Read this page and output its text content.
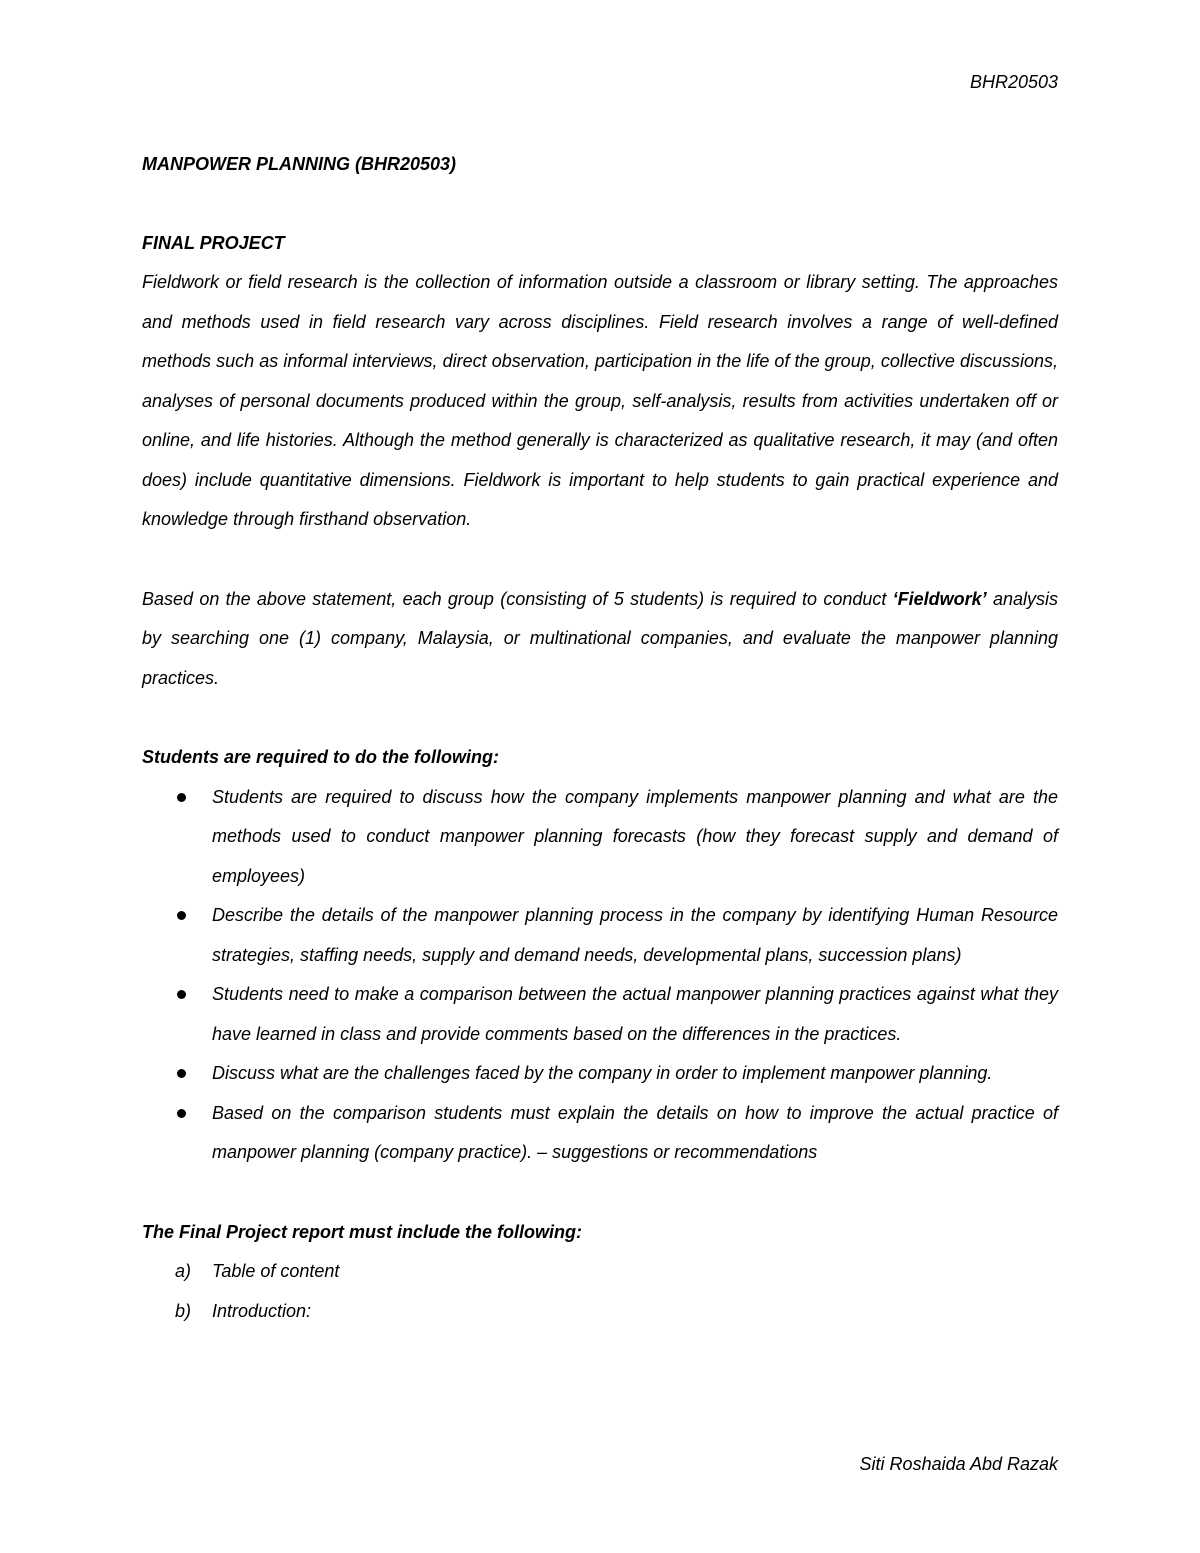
BHR20503
MANPOWER PLANNING (BHR20503)
FINAL PROJECT

Fieldwork or field research is the collection of information outside a classroom or library setting. The approaches and methods used in field research vary across disciplines. Field research involves a range of well-defined methods such as informal interviews, direct observation, participation in the life of the group, collective discussions, analyses of personal documents produced within the group, self-analysis, results from activities undertaken off or online, and life histories. Although the method generally is characterized as qualitative research, it may (and often does) include quantitative dimensions. Fieldwork is important to help students to gain practical experience and knowledge through firsthand observation.

Based on the above statement, each group (consisting of 5 students) is required to conduct ‘Fieldwork’ analysis by searching one (1) company, Malaysia, or multinational companies, and evaluate the manpower planning practices.

Students are required to do the following:
Students are required to discuss how the company implements manpower planning and what are the methods used to conduct manpower planning forecasts (how they forecast supply and demand of employees)
Describe the details of the manpower planning process in the company by identifying Human Resource strategies, staffing needs, supply and demand needs, developmental plans, succession plans)
Students need to make a comparison between the actual manpower planning practices against what they have learned in class and provide comments based on the differences in the practices.
Discuss what are the challenges faced by the company in order to implement manpower planning.
Based on the comparison students must explain the details on how to improve the actual practice of manpower planning (company practice). – suggestions or recommendations
The Final Project report must include the following:
a) Table of content
b) Introduction:
Siti Roshaida Abd Razak
